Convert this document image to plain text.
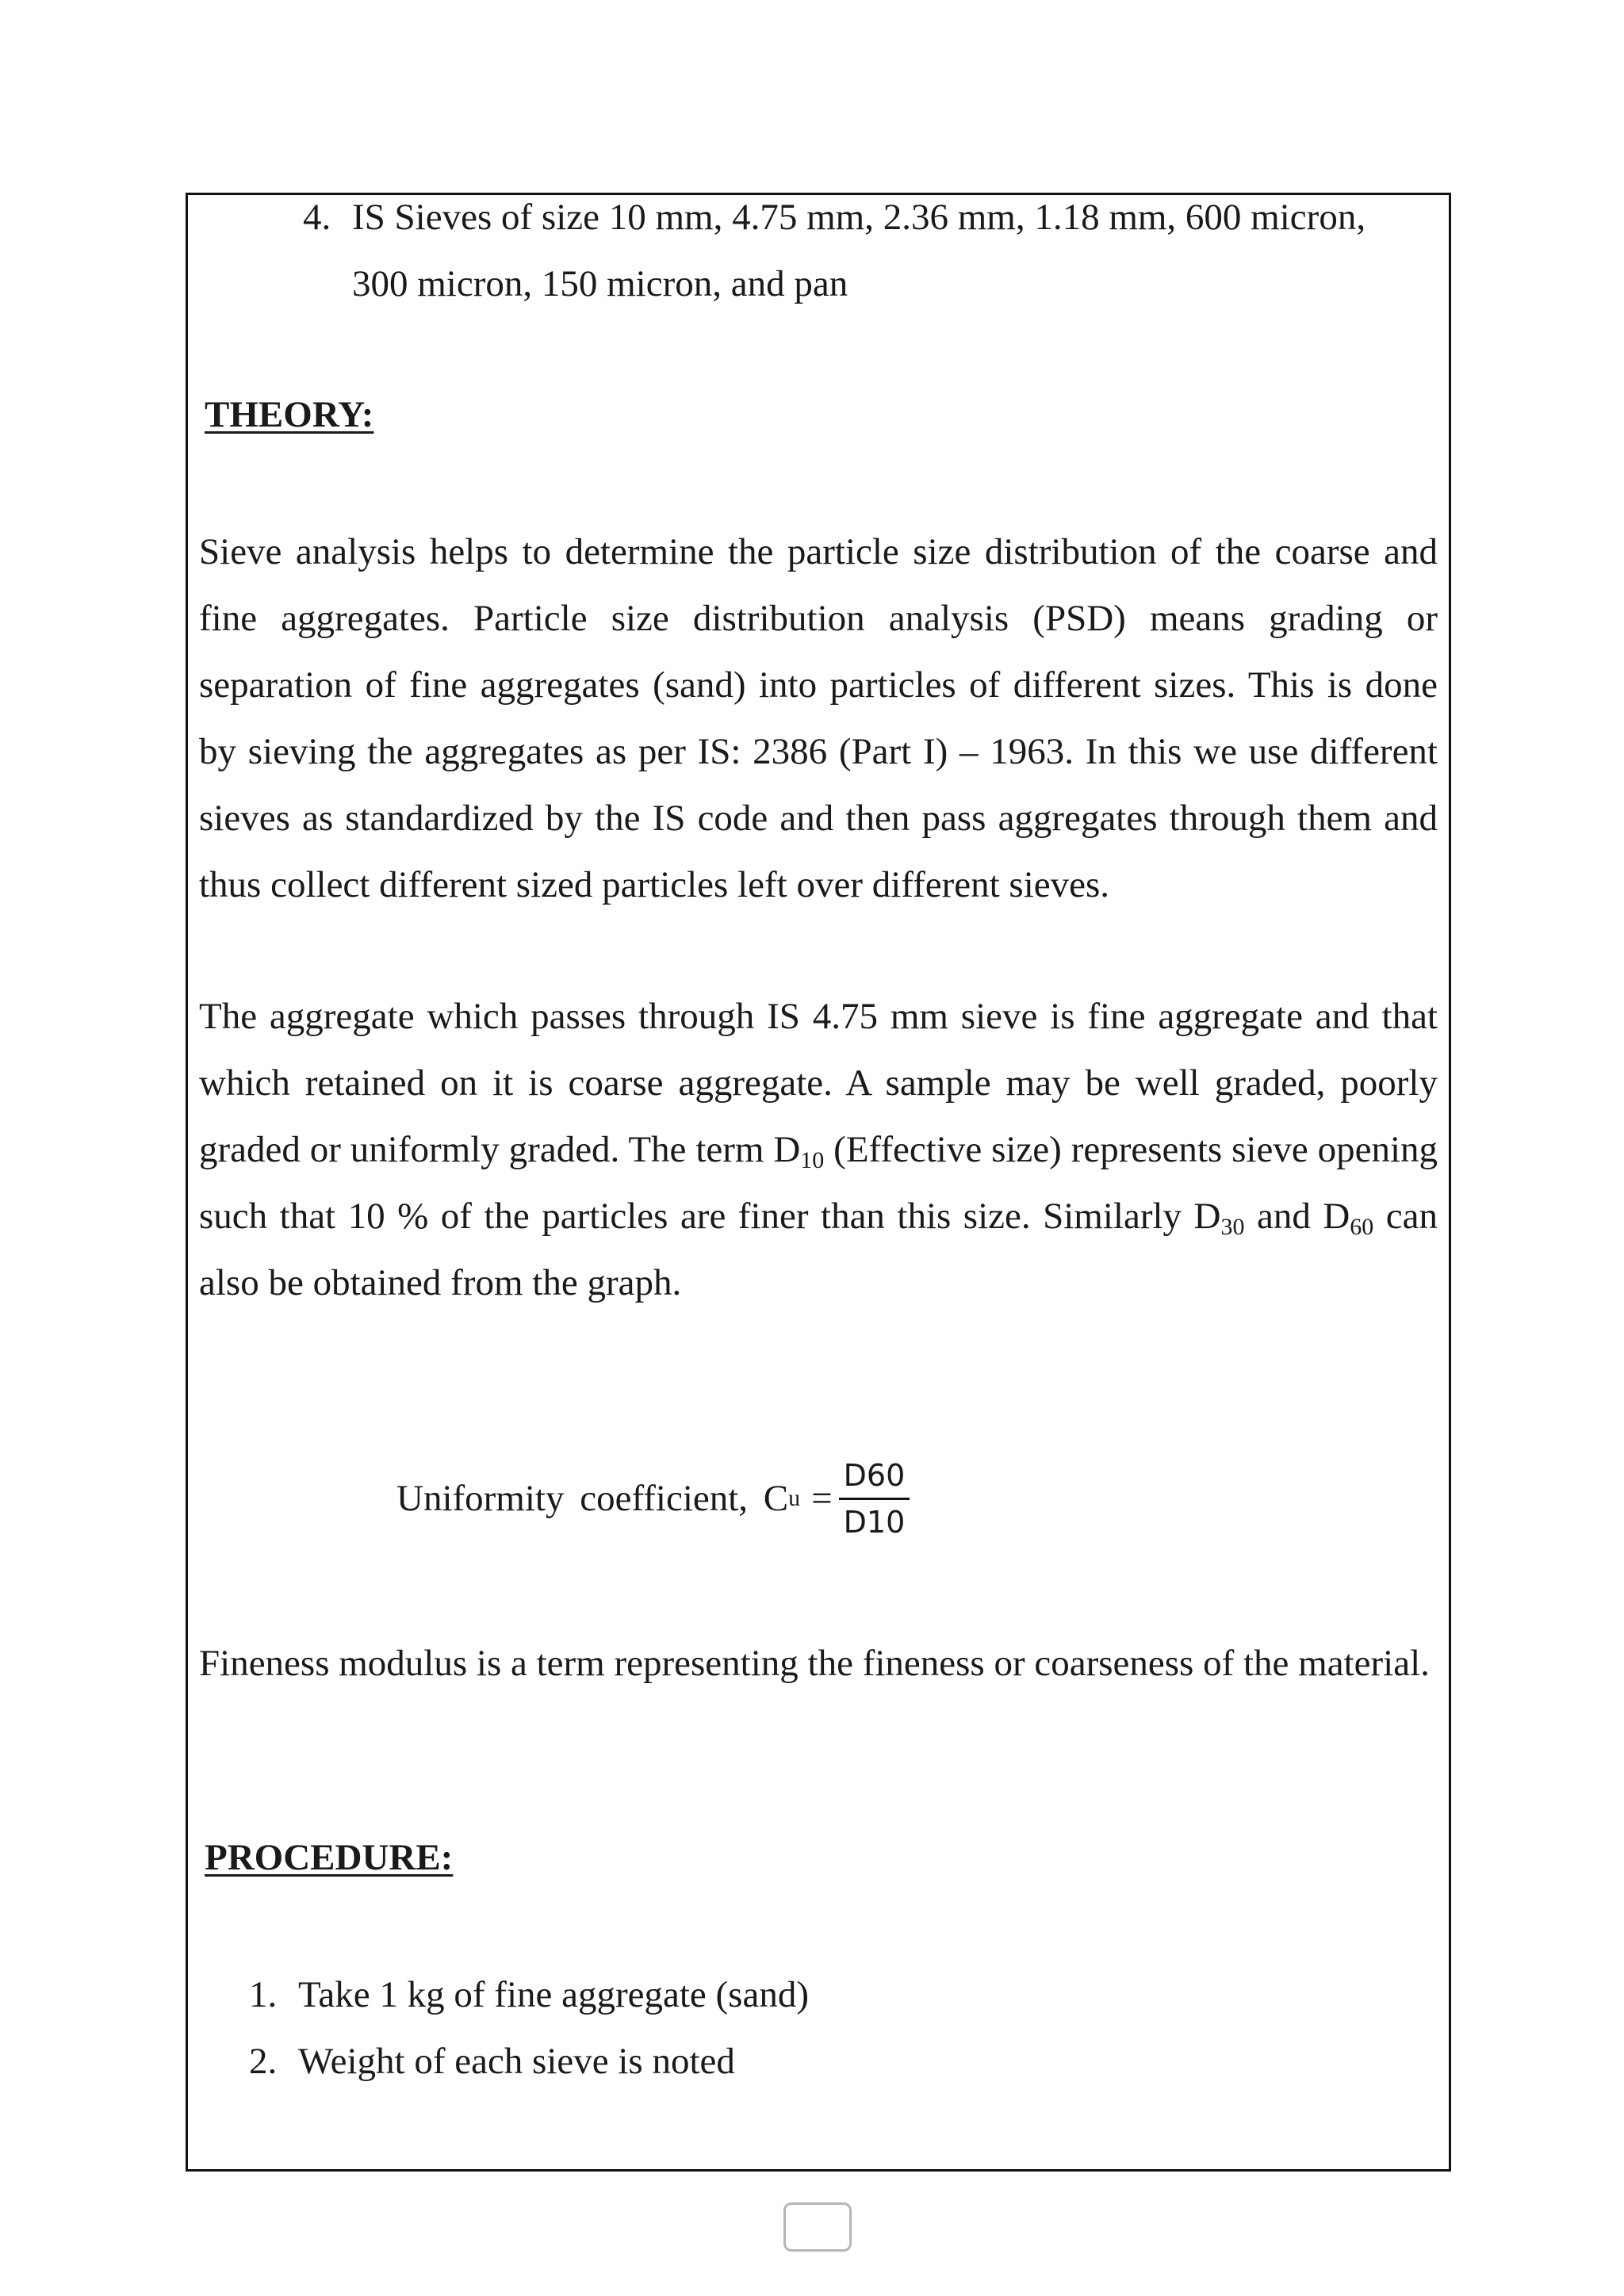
4. IS Sieves of size 10 mm, 4.75 mm, 2.36 mm, 1.18 mm, 600 micron,
300 micron, 150 micron, and pan
THEORY:

Sieve analysis helps to determine the particle size distribution of the coarse and fine aggregates. Particle size distribution analysis (PSD) means grading or separation of fine aggregates (sand) into particles of different sizes. This is done by sieving the aggregates as per IS: 2386 (Part I) – 1963. In this we use different sieves as standardized by the IS code and then pass aggregates through them and thus collect different sized particles left over different sieves.

The aggregate which passes through IS 4.75 mm sieve is fine aggregate and that which retained on it is coarse aggregate. A sample may be well graded, poorly graded or uniformly graded. The term $D_{10}$ (Effective size) represents sieve opening such that 10 % of the particles are finer than this size. Similarly $D_{30}$ and $D_{60}$ can also be obtained from the graph.

Uniformity coefficient, C $u = \frac{D60}{D10}$

Fineness modulus is a term representing the fineness or coarseness of the material.

PROCEDURE:
1. Take 1 kg of fine aggregate (sand)
2. Weight of each sieve is noted
